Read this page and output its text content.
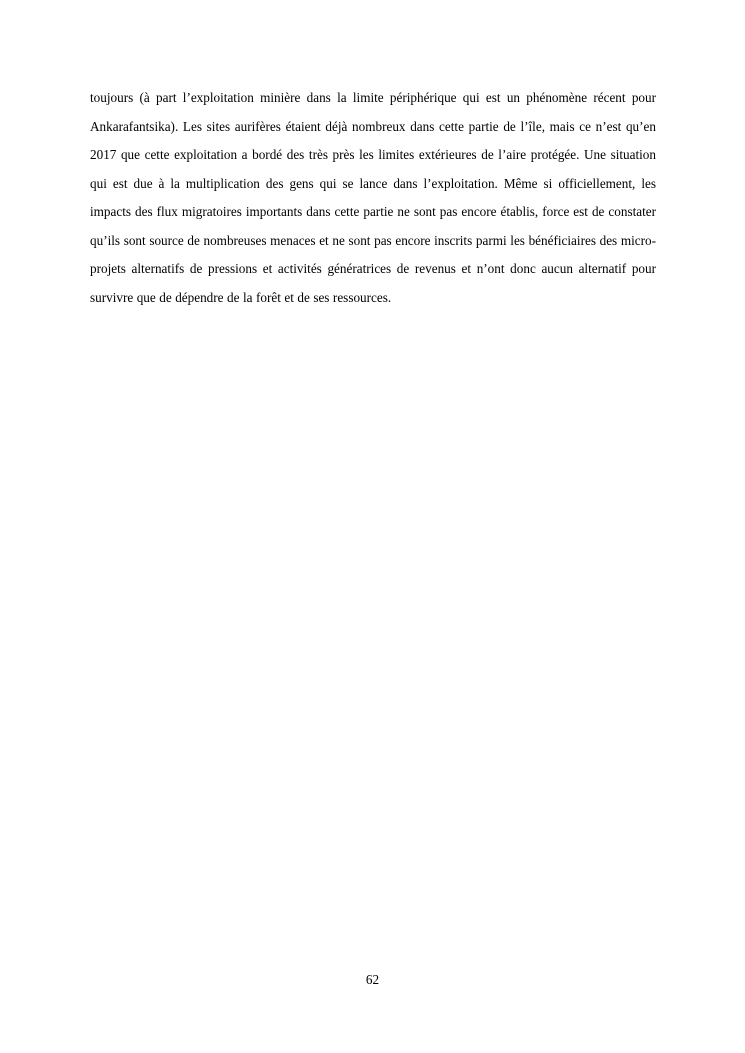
toujours (à part l’exploitation minière dans la limite périphérique qui est un phénomène récent pour Ankarafantsika). Les sites aurifères étaient déjà nombreux dans cette partie de l’île, mais ce n’est qu’en 2017 que cette exploitation a bordé des très près les limites extérieures de l’aire protégée. Une situation qui est due à la multiplication des gens qui se lance dans l’exploitation. Même si officiellement, les impacts des flux migratoires importants dans cette partie ne sont pas encore établis, force est de constater qu’ils sont source de nombreuses menaces et ne sont pas encore inscrits parmi les bénéficiaires des micro-projets alternatifs de pressions et activités génératrices de revenus et n’ont donc aucun alternatif pour survivre que de dépendre de la forêt et de ses ressources.

62
